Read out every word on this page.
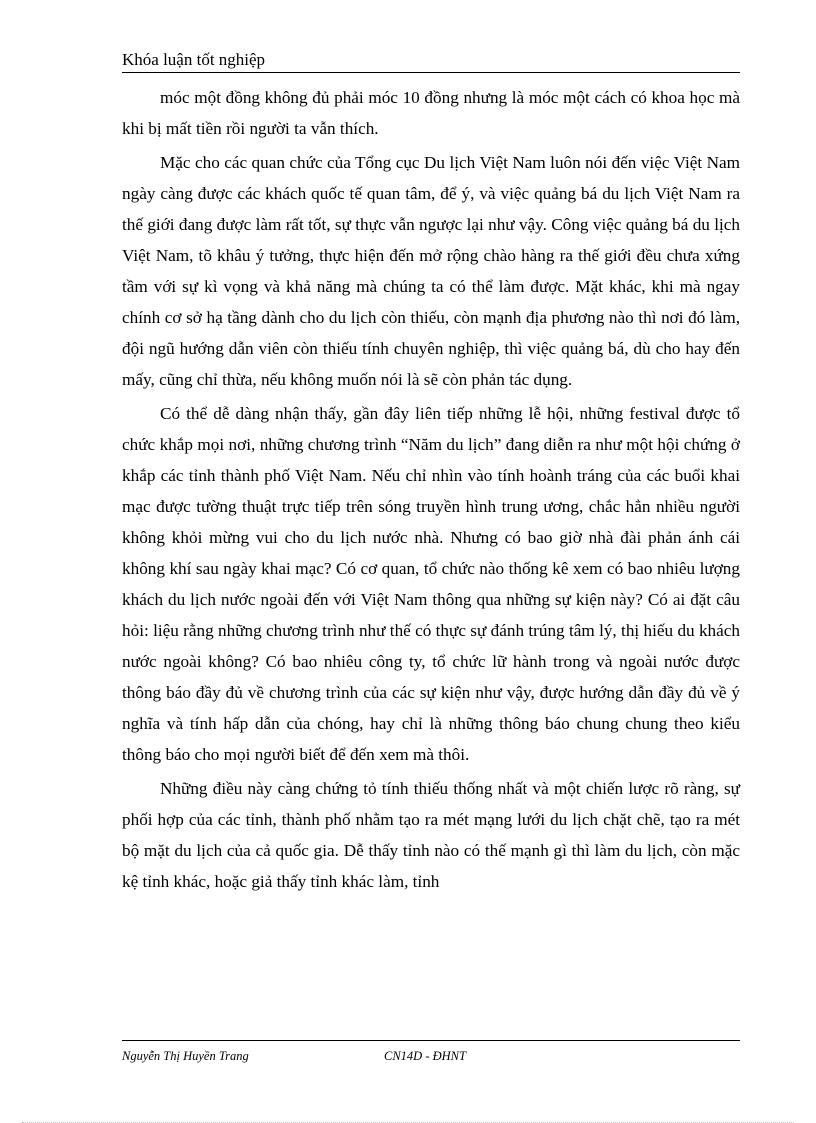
Khóa luận tốt nghiệp

móc một đồng không đủ phải móc 10 đồng nhưng là móc một cách có khoa học mà khi bị mất tiền rồi người ta vẫn thích.

Mặc cho các quan chức của Tổng cục Du lịch Việt Nam luôn nói đến việc Việt Nam ngày càng được các khách quốc tế quan tâm, để ý, và việc quảng bá du lịch Việt Nam ra thế giới đang được làm rất tốt, sự thực vẫn ngược lại như vậy. Công việc quảng bá du lịch Việt Nam, tõ khâu ý tưởng, thực hiện đến mở rộng chào hàng ra thế giới đều chưa xứng tầm với sự kì vọng và khả năng mà chúng ta có thể làm được. Mặt khác, khi mà ngay chính cơ sở hạ tầng dành cho du lịch còn thiếu, còn mạnh địa phương nào thì nơi đó làm, đội ngũ hướng dẫn viên còn thiếu tính chuyên nghiệp, thì việc quảng bá, dù cho hay đến mấy, cũng chỉ thừa, nếu không muốn nói là sẽ còn phản tác dụng.

Có thể dễ dàng nhận thấy, gần đây liên tiếp những lễ hội, những festival được tổ chức khắp mọi nơi, những chương trình “Năm du lịch” đang diễn ra như một hội chứng ở khắp các tỉnh thành phố Việt Nam. Nếu chỉ nhìn vào tính hoành tráng của các buổi khai mạc được tường thuật trực tiếp trên sóng truyền hình trung ương, chắc hẳn nhiều người không khỏi mừng vui cho du lịch nước nhà. Nhưng có bao giờ nhà đài phản ánh cái không khí sau ngày khai mạc? Có cơ quan, tổ chức nào thống kê xem có bao nhiêu lượng khách du lịch nước ngoài đến với Việt Nam thông qua những sự kiện này? Có ai đặt câu hỏi: liệu rằng những chương trình như thế có thực sự đánh trúng tâm lý, thị hiếu du khách nước ngoài không? Có bao nhiêu công ty, tổ chức lữ hành trong và ngoài nước được thông báo đầy đủ về chương trình của các sự kiện như vậy, được hướng dẫn đầy đủ về ý nghĩa và tính hấp dẫn của chóng, hay chỉ là những thông báo chung chung theo kiểu thông báo cho mọi người biết để đến xem mà thôi.

Những điều này càng chứng tỏ tính thiếu thống nhất và một chiến lược rõ ràng, sự phối hợp của các tỉnh, thành phố nhằm tạo ra mét mạng lưới du lịch chặt chẽ, tạo ra mét bộ mặt du lịch của cả quốc gia. Dễ thấy tỉnh nào có thế mạnh gì thì làm du lịch, còn mặc kệ tỉnh khác, hoặc giả thấy tỉnh khác làm, tỉnh

Nguyễn Thị Huyền Trang	CN14D - ĐHNT
